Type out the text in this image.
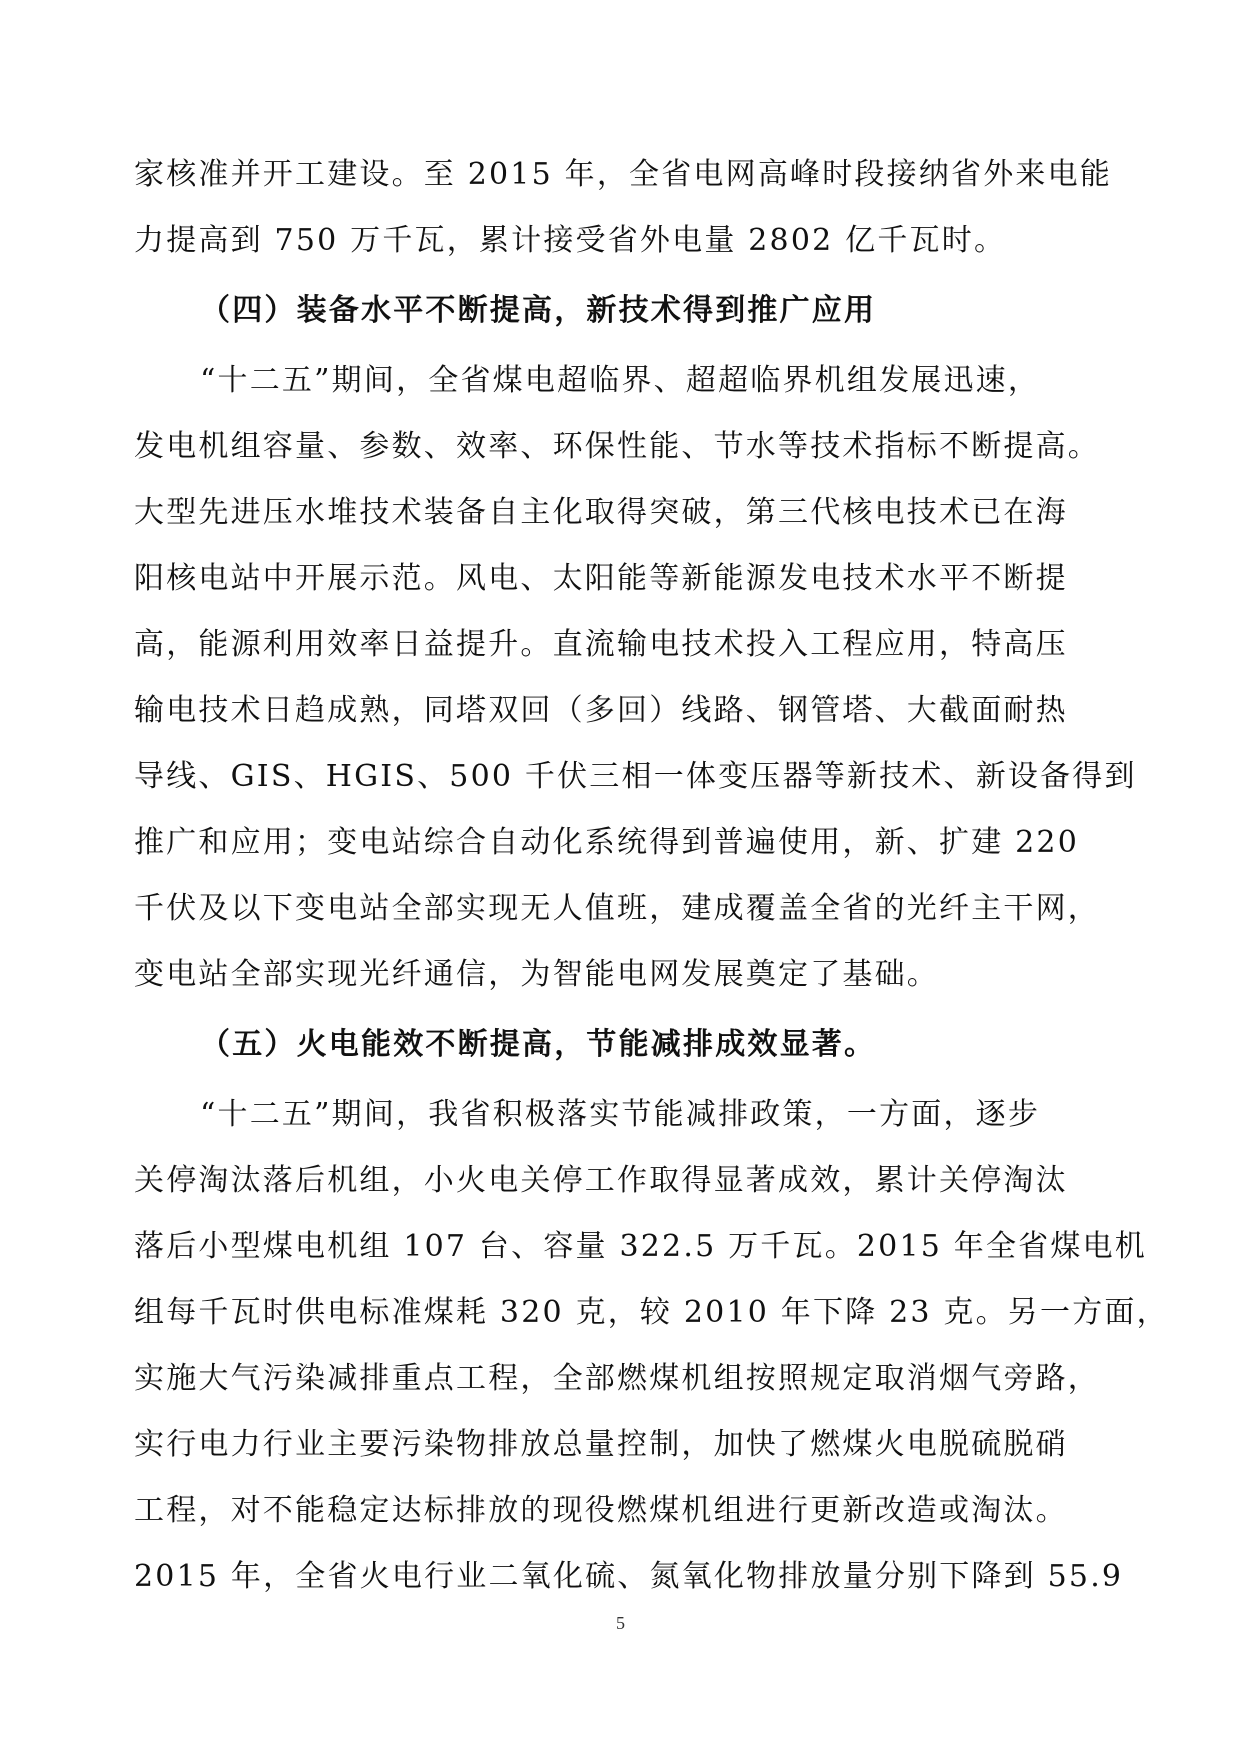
家核准并开工建设。至 2015 年，全省电网高峰时段接纳省外来电能
力提高到 750 万千瓦，累计接受省外电量 2802 亿千瓦时。
（四）装备水平不断提高，新技术得到推广应用
“十二五”期间，全省煤电超临界、超超临界机组发展迅速，
发电机组容量、参数、效率、环保性能、节水等技术指标不断提高。
大型先进压水堆技术装备自主化取得突破，第三代核电技术已在海
阳核电站中开展示范。风电、太阳能等新能源发电技术水平不断提
高，能源利用效率日益提升。直流输电技术投入工程应用，特高压
输电技术日趋成熟，同塔双回（多回）线路、钢管塔、大截面耐热
导线、GIS、HGIS、500 千伏三相一体变压器等新技术、新设备得到
推广和应用；变电站综合自动化系统得到普遍使用，新、扩建 220
千伏及以下变电站全部实现无人值班，建成覆盖全省的光纤主干网，
变电站全部实现光纤通信，为智能电网发展奠定了基础。
（五）火电能效不断提高，节能减排成效显著。
“十二五”期间，我省积极落实节能减排政策，一方面，逐步
关停淘汰落后机组，小火电关停工作取得显著成效，累计关停淘汰
落后小型煤电机组 107 台、容量 322.5 万千瓦。2015 年全省煤电机
组每千瓦时供电标准煤耗 320 克，较 2010 年下降 23 克。另一方面，
实施大气污染减排重点工程，全部燃煤机组按照规定取消烟气旁路，
实行电力行业主要污染物排放总量控制，加快了燃煤火电脱硫脱硝
工程，对不能稳定达标排放的现役燃煤机组进行更新改造或淘汰。
2015 年，全省火电行业二氧化硫、氮氧化物排放量分别下降到 55.9
5
